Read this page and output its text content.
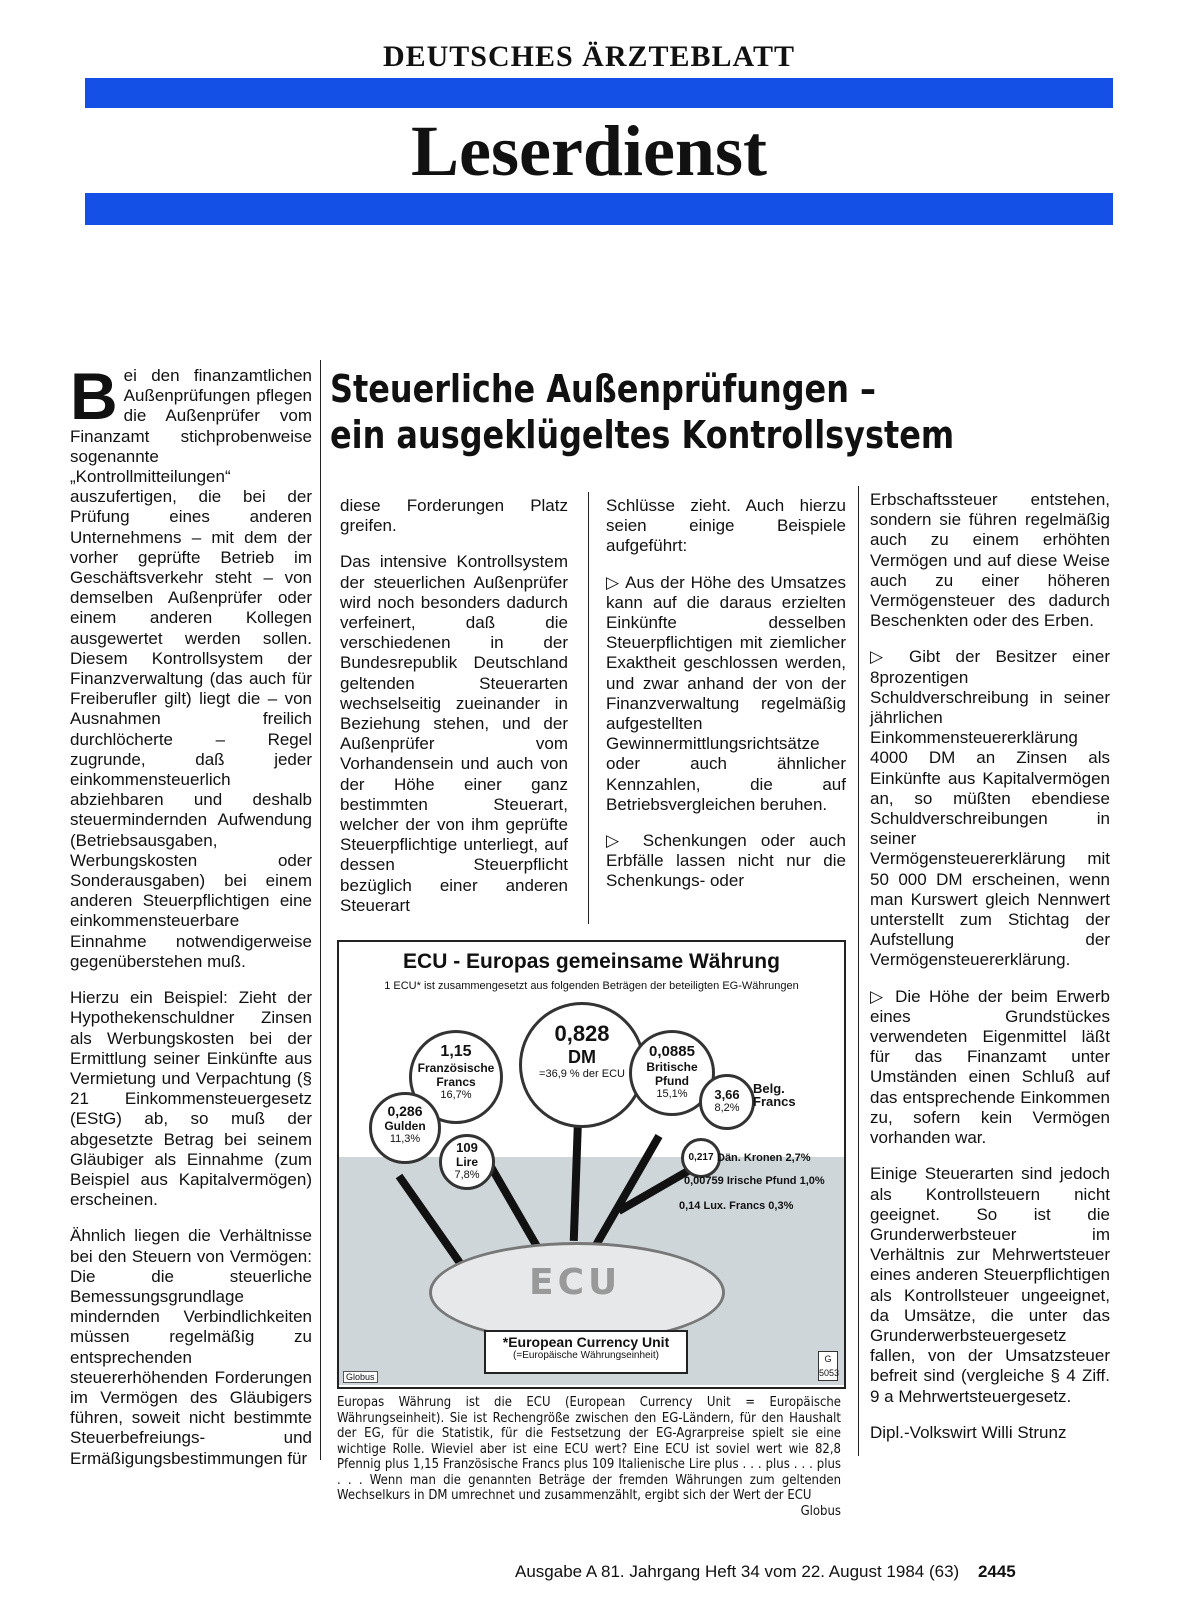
DEUTSCHES ÄRZTEBLATT
Leserdienst

Bei den finanzamtlichen Außenprüfungen pflegen die Außenprüfer vom Finanzamt stichprobenweise sogenannte „Kontrollmitteilungen“ auszufertigen, die bei der Prüfung eines anderen Unternehmens – mit dem der vorher geprüfte Betrieb im Geschäftsverkehr steht – von demselben Außenprüfer oder einem anderen Kollegen ausgewertet werden sollen. Diesem Kontrollsystem der Finanzverwaltung (das auch für Freiberufler gilt) liegt die – von Ausnahmen freilich durchlöcherte – Regel zugrunde, daß jeder einkommensteuerlich abziehbaren und deshalb steuermindernden Aufwendung (Betriebsausgaben, Werbungskosten oder Sonderausgaben) bei einem anderen Steuerpflichtigen eine einkommensteuerbare Einnahme notwendigerweise gegenüberstehen muß.

Hierzu ein Beispiel: Zieht der Hypothekenschuldner Zinsen als Werbungskosten bei der Ermittlung seiner Einkünfte aus Vermietung und Verpachtung (§ 21 Einkommensteuergesetz (EStG) ab, so muß der abgesetzte Betrag bei seinem Gläubiger als Einnahme (zum Beispiel aus Kapitalvermögen) erscheinen.

Ähnlich liegen die Verhältnisse bei den Steuern von Vermögen: Die die steuerliche Bemessungsgrundlage mindernden Verbindlichkeiten müssen regelmäßig zu entsprechenden steuererhöhenden Forderungen im Vermögen des Gläubigers führen, soweit nicht bestimmte Steuerbefreiungs- und Ermäßigungsbestimmungen für

Steuerliche Außenprüfungen –
ein ausgeklügeltes Kontrollsystem

diese Forderungen Platz greifen.

Das intensive Kontrollsystem der steuerlichen Außenprüfer wird noch besonders dadurch verfeinert, daß die verschiedenen in der Bundesrepublik Deutschland geltenden Steuerarten wechselseitig zueinander in Beziehung stehen, und der Außenprüfer vom Vorhandensein und auch von der Höhe einer ganz bestimmten Steuerart, welcher der von ihm geprüfte Steuerpflichtige unterliegt, auf dessen Steuerpflicht bezüglich einer anderen Steuerart

Schlüsse zieht. Auch hierzu seien einige Beispiele aufgeführt:

▷ Aus der Höhe des Umsatzes kann auf die daraus erzielten Einkünfte desselben Steuerpflichtigen mit ziemlicher Exaktheit geschlossen werden, und zwar anhand der von der Finanzverwaltung regelmäßig aufgestellten Gewinnermittlungsrichtsätze oder auch ähnlicher Kennzahlen, die auf Betriebsvergleichen beruhen.

▷ Schenkungen oder auch Erbfälle lassen nicht nur die Schenkungs- oder

Erbschaftssteuer entstehen, sondern sie führen regelmäßig auch zu einem erhöhten Vermögen und auf diese Weise auch zu einer höheren Vermögensteuer des dadurch Beschenkten oder des Erben.

▷ Gibt der Besitzer einer 8prozentigen Schuldverschreibung in seiner jährlichen Einkommensteuererklärung 4000 DM an Zinsen als Einkünfte aus Kapitalvermögen an, so müßten ebendiese Schuldverschreibungen in seiner Vermögensteuererklärung mit 50 000 DM erscheinen, wenn man Kurswert gleich Nennwert unterstellt zum Stichtag der Aufstellung der Vermögensteuererklärung.

▷ Die Höhe der beim Erwerb eines Grundstückes verwendeten Eigenmittel läßt für das Finanzamt unter Umständen einen Schluß auf das entsprechende Einkommen zu, sofern kein Vermögen vorhanden war.

Einige Steuerarten sind jedoch als Kontrollsteuern nicht geeignet. So ist die Grunderwerbsteuer im Verhältnis zur Mehrwertsteuer eines anderen Steuerpflichtigen als Kontrollsteuer ungeeignet, da Umsätze, die unter das Grunderwerbsteuergesetz fallen, von der Umsatzsteuer befreit sind (vergleiche § 4 Ziff. 9 a Mehrwertsteuergesetz.

Dipl.-Volkswirt Willi Strunz

ECU - Europas gemeinsame Währung
1 ECU* ist zusammengesetzt aus folgenden Beträgen der beteiligten EG-Währungen
ECU
0,828
DM
=36,9 % der ECU
1,15
Französische Francs
16,7%
0,0885
Britische Pfund
15,1%
0,286
Gulden
11,3%
109
Lire
7,8%
3,66
8,2%
Belg. Francs
0,217 Dän. Kronen 2,7%
0,00759 Irische Pfund 1,0%
0,14 Lux. Francs 0,3%
*European Currency Unit
(=Europäische Währungseinheit)
Globus
G
5053
Europas Währung ist die ECU (European Currency Unit = Europäische Währungseinheit). Sie ist Rechengröße zwischen den EG-Ländern, für den Haushalt der EG, für die Statistik, für die Festsetzung der EG-Agrarpreise spielt sie eine wichtige Rolle. Wieviel aber ist eine ECU wert? Eine ECU ist soviel wert wie 82,8 Pfennig plus 1,15 Französische Francs plus 109 Italienische Lire plus . . . plus . . . plus . . . Wenn man die genannten Beträge der fremden Währungen zum geltenden Wechselkurs in DM umrechnet und zusammenzählt, ergibt sich der Wert der ECU
Globus
Ausgabe A 81. Jahrgang Heft 34 vom 22. August 1984 (63) 2445
